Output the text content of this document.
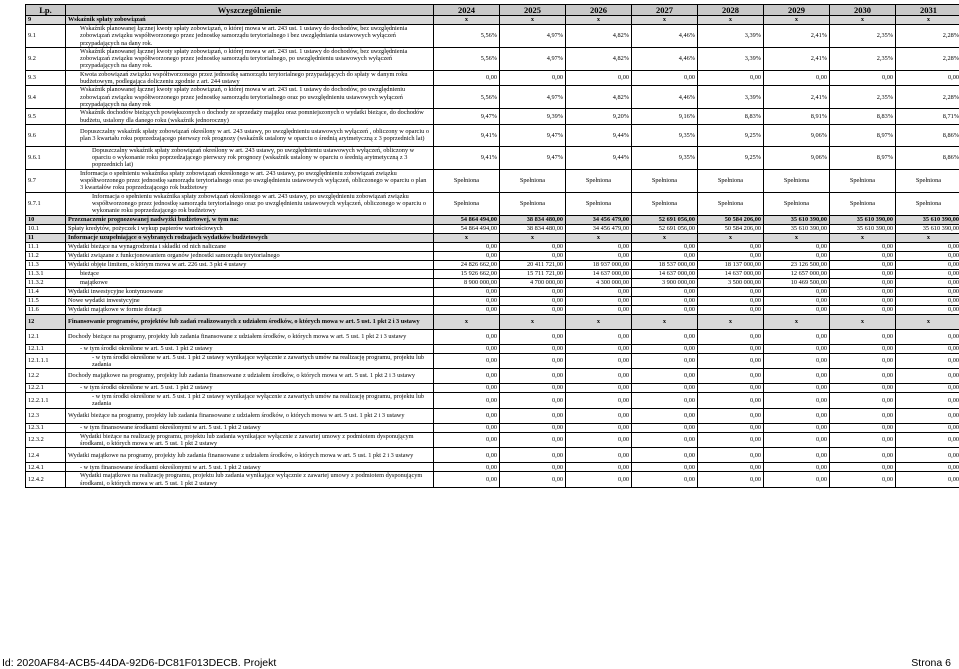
Lp.	Wyszczególnienie	2024	2025	2026	2027	2028	2029	2030	2031
9	Wskaźnik spłaty zobowiązań	x	x	x	x	x	x	x	x
9.1	Wskaźnik planowanej łącznej kwoty spłaty zobowiązań, o której mowa w art. 243 ust. 1 ustawy do dochodów, bez uwzględnienia zobowiązań związku współtworzonego przez jednostkę samorządu terytorialnego i bez uwzględniania ustawowych wyłączeń przypadających na dany rok.	5,56%	4,97%	4,82%	4,46%	3,39%	2,41%	2,35%	2,28%
9.2	Wskaźnik planowanej łącznej kwoty spłaty zobowiązań, o której mowa w art. 243 ust. 1 ustawy do dochodów, bez uwzględnienia zobowiązań związku współtworzonego przez jednostkę samorządu terytorialnego, po uwzględnieniu ustawowych wyłączeń przypadających na dany rok.	5,56%	4,97%	4,82%	4,46%	3,39%	2,41%	2,35%	2,28%
9.3	Kwota zobowiązań związku współtworzonego przez jednostkę samorządu terytorialnego przypadających do spłaty w danym roku budżetowym, podlegająca doliczeniu zgodnie z art. 244 ustawy	0,00	0,00	0,00	0,00	0,00	0,00	0,00	0,00
9.4	Wskaźnik planowanej łącznej kwoty spłaty zobowiązań, o której mowa w art. 243 ust. 1 ustawy do dochodów, po uwzględnieniu zobowiązań związku współtworzonego przez jednostkę samorządu terytorialnego oraz po uwzględnieniu ustawowych wyłączeń przypadających na dany rok	5,56%	4,97%	4,82%	4,46%	3,39%	2,41%	2,35%	2,28%
9.5	Wskaźnik dochodów bieżących powiększonych o dochody ze sprzedaży majątku oraz pomniejszonych o wydatki bieżące, do dochodów budżetu, ustalony dla danego roku (wskaźnik jednoroczny)	9,47%	9,39%	9,20%	9,16%	8,83%	8,91%	8,83%	8,71%
9.6	Dopuszczalny wskaźnik spłaty zobowiązań określony w art. 243 ustawy, po uwzględnieniu ustawowych wyłączeń , obliczony w oparciu o plan 3 kwartału roku poprzedzającego pierwszy rok prognozy (wskaźnik ustalony w oparciu o średnią arytmetyczną z 3 poprzednich lat)	9,41%	9,47%	9,44%	9,35%	9,25%	9,06%	8,97%	8,86%
9.6.1	Dopuszczalny wskaźnik spłaty zobowiązań określony w art. 243 ustawy, po uwzględnieniu ustawowych wyłączeń, obliczony w oparciu o wykonanie roku poprzedzającego pierwszy rok prognozy (wskaźnik ustalony w oparciu o średnią arytmetyczną z 3 poprzednich lat)	9,41%	9,47%	9,44%	9,35%	9,25%	9,06%	8,97%	8,86%
9.7	Informacja o spełnieniu wskaźnika spłaty zobowiązań określonego w art. 243 ustawy, po uwzględnieniu zobowiązań związku współtworzonego przez jednostkę samorządu terytorialnego oraz po uwzględnieniu ustawowych wyłączeń, obliczonego w oparciu o plan 3 kwartałów roku poprzedzającego rok budżetowy	Spełniona	Spełniona	Spełniona	Spełniona	Spełniona	Spełniona	Spełniona	Spełniona
9.7.1	Informacja o spełnieniu wskaźnika spłaty zobowiązań określonego w art. 243 ustawy, po uwzględnieniu zobowiązań związku współtworzonego przez jednostkę samorządu terytorialnego oraz po uwzględnieniu ustawowych wyłączeń, obliczonego w oparciu o wykonanie roku poprzedzającego rok budżetowy	Spełniona	Spełniona	Spełniona	Spełniona	Spełniona	Spełniona	Spełniona	Spełniona
10	Przeznaczenie prognozowanej nadwyżki budżetowej, w tym na:	54 864 494,00	38 834 480,00	34 456 479,00	52 691 056,00	50 584 206,00	35 610 390,00	35 610 390,00	35 610 390,00
10.1	Spłaty kredytów, pożyczek i wykup papierów wartościowych	54 864 494,00	38 834 480,00	34 456 479,00	52 691 056,00	50 584 206,00	35 610 390,00	35 610 390,00	35 610 390,00
11	Informacje uzupełniające o wybranych rodzajach wydatków budżetowych	x	x	x	x	x	x	x	x
11.1	Wydatki bieżące na wynagrodzenia i składki od nich naliczane	0,00	0,00	0,00	0,00	0,00	0,00	0,00	0,00
11.2	Wydatki związane z funkcjonowaniem organów jednostki samorządu terytorialnego	0,00	0,00	0,00	0,00	0,00	0,00	0,00	0,00
11.3	Wydatki objęte limitem, o którym mowa w art. 226 ust. 3 pkt 4 ustawy	24 826 662,00	20 411 721,00	18 937 000,00	18 537 000,00	18 137 000,00	23 126 500,00	0,00	0,00
11.3.1	bieżące	15 926 662,00	15 711 721,00	14 637 000,00	14 637 000,00	14 637 000,00	12 657 000,00	0,00	0,00
11.3.2	majątkowe	8 900 000,00	4 700 000,00	4 300 000,00	3 900 000,00	3 500 000,00	10 469 500,00	0,00	0,00
11.4	Wydatki inwestycyjne kontynuowane	0,00	0,00	0,00	0,00	0,00	0,00	0,00	0,00
11.5	Nowe wydatki inwestycyjne	0,00	0,00	0,00	0,00	0,00	0,00	0,00	0,00
11.6	Wydatki majątkowe w formie dotacji	0,00	0,00	0,00	0,00	0,00	0,00	0,00	0,00
12	Finansowanie programów, projektów lub zadań realizowanych z udziałem środków, o których mowa w art. 5 ust. 1 pkt 2 i 3 ustawy	x	x	x	x	x	x	x	x
12.1	Dochody bieżące na programy, projekty lub zadania finansowane z udziałem środków, o których mowa w art. 5 ust. 1 pkt 2 i 3 ustawy	0,00	0,00	0,00	0,00	0,00	0,00	0,00	0,00
12.1.1	- w tym środki określone w art. 5 ust. 1 pkt 2 ustawy	0,00	0,00	0,00	0,00	0,00	0,00	0,00	0,00
12.1.1.1	- w tym środki określone w art. 5 ust. 1 pkt 2 ustawy wynikające wyłącznie z zawartych umów na realizację programu, projektu lub zadania	0,00	0,00	0,00	0,00	0,00	0,00	0,00	0,00
12.2	Dochody majątkowe na programy, projekty lub zadania finansowane z udziałem środków, o których mowa w art. 5 ust. 1 pkt 2 i 3 ustawy	0,00	0,00	0,00	0,00	0,00	0,00	0,00	0,00
12.2.1	- w tym środki określone w art. 5 ust. 1 pkt 2 ustawy	0,00	0,00	0,00	0,00	0,00	0,00	0,00	0,00
12.2.1.1	- w tym środki określone w art. 5 ust. 1 pkt 2 ustawy wynikające wyłącznie z zawartych umów na realizację programu, projektu lub zadania	0,00	0,00	0,00	0,00	0,00	0,00	0,00	0,00
12.3	Wydatki bieżące na programy, projekty lub zadania finansowane z udziałem środków, o których mowa w art. 5 ust. 1 pkt 2 i 3 ustawy	0,00	0,00	0,00	0,00	0,00	0,00	0,00	0,00
12.3.1	- w tym finansowane środkami określonymi w art. 5 ust. 1 pkt 2 ustawy	0,00	0,00	0,00	0,00	0,00	0,00	0,00	0,00
12.3.2	Wydatki bieżące na realizację programu, projektu lub zadania wynikające wyłącznie z zawartej umowy z podmiotem dysponującym środkami, o których mowa w art. 5 ust. 1 pkt 2 ustawy	0,00	0,00	0,00	0,00	0,00	0,00	0,00	0,00
12.4	Wydatki majątkowe na programy, projekty lub zadania finansowane z udziałem środków, o których mowa w art. 5 ust. 1 pkt 2 i 3 ustawy	0,00	0,00	0,00	0,00	0,00	0,00	0,00	0,00
12.4.1	- w tym finansowane środkami określonymi w art. 5 ust. 1 pkt 2 ustawy	0,00	0,00	0,00	0,00	0,00	0,00	0,00	0,00
12.4.2	Wydatki majątkowe na realizację programu, projektu lub zadania wynikające wyłącznie z zawartej umowy z podmiotem dysponującym środkami, o których mowa w art. 5 ust. 1 pkt 2 ustawy	0,00	0,00	0,00	0,00	0,00	0,00	0,00	0,00
Id: 2020AF84-ACB5-44DA-92D6-DC81F013DECB. Projekt	Strona 6
